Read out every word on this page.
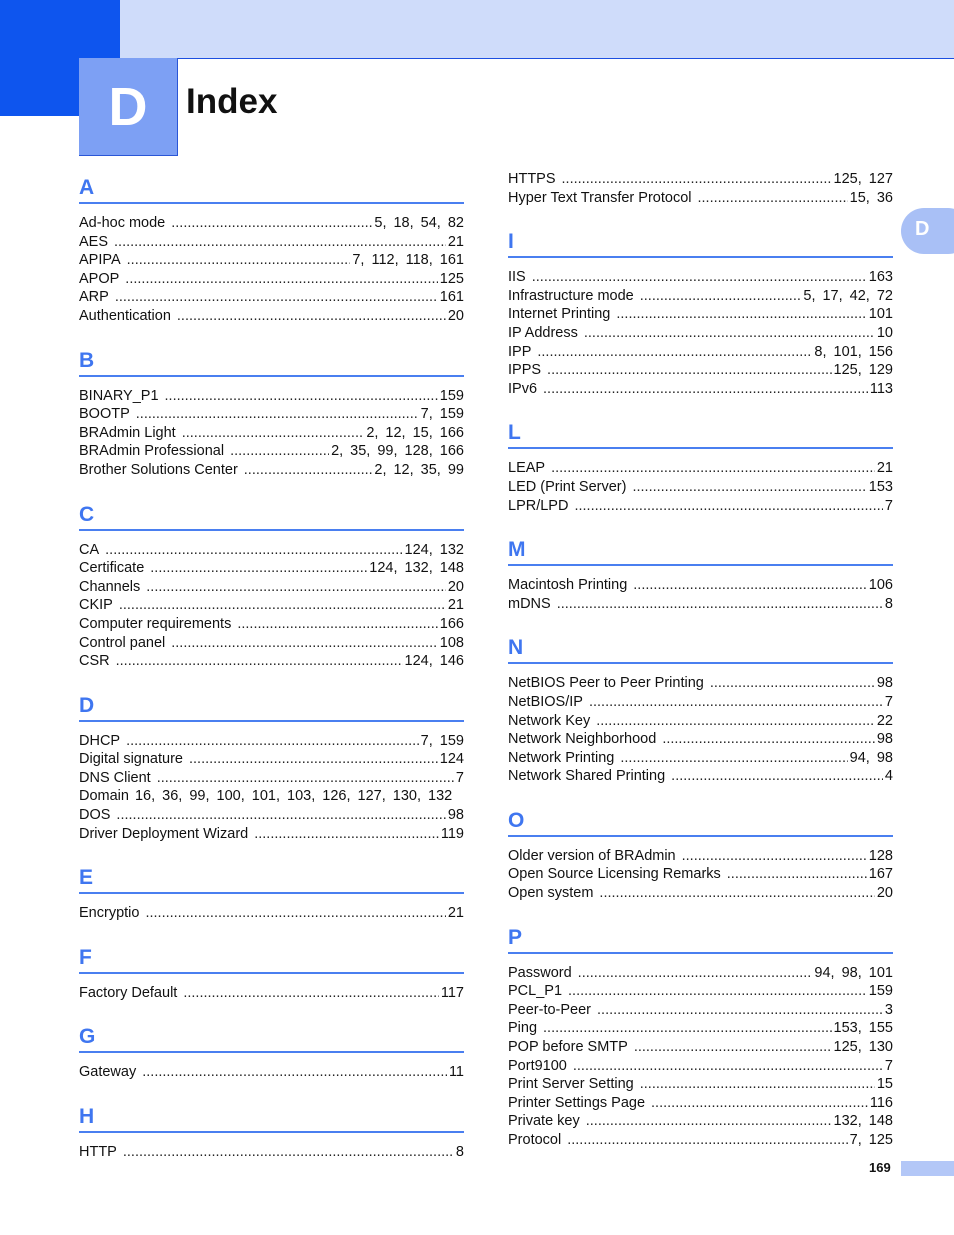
D Index
D
A
Ad-hoc mode .....	5, 18, 54, 82
AES .....	21
APIPA .....	7, 112, 118, 161
APOP .....	125
ARP .....	161
Authentication .....	20
B
BINARY_P1 .....	159
BOOTP .....	7, 159
BRAdmin Light .....	2, 12, 15, 166
BRAdmin Professional .....	2, 35, 99, 128, 166
Brother Solutions Center .....	2, 12, 35, 99
C
CA .....	124, 132
Certificate .....	124, 132, 148
Channels .....	20
CKIP .....	21
Computer requirements .....	166
Control panel .....	108
CSR .....	124, 146
D
DHCP .....	7, 159
Digital signature .....	124
DNS Client .....	7
Domain 16, 36, 99, 100, 101, 103, 126, 127, 130, 132
DOS .....	98
Driver Deployment Wizard .....	119
E
Encryptio .....	21
F
Factory Default .....	117
G
Gateway .....	11
H
HTTP .....	8
HTTPS .....	125, 127
Hyper Text Transfer Protocol .....	15, 36
I
IIS .....	163
Infrastructure mode .....	5, 17, 42, 72
Internet Printing .....	101
IP Address .....	10
IPP .....	8, 101, 156
IPPS .....	125, 129
IPv6 .....	113
L
LEAP .....	21
LED (Print Server) .....	153
LPR/LPD .....	7
M
Macintosh Printing .....	106
mDNS .....	8
N
NetBIOS Peer to Peer Printing .....	98
NetBIOS/IP .....	7
Network Key .....	22
Network Neighborhood .....	98
Network Printing .....	94, 98
Network Shared Printing .....	4
O
Older version of BRAdmin .....	128
Open Source Licensing Remarks .....	167
Open system .....	20
P
Password .....	94, 98, 101
PCL_P1 .....	159
Peer-to-Peer .....	3
Ping .....	153, 155
POP before SMTP .....	125, 130
Port9100 .....	7
Print Server Setting .....	15
Printer Settings Page .....	116
Private key .....	132, 148
Protocol .....	7, 125
169
